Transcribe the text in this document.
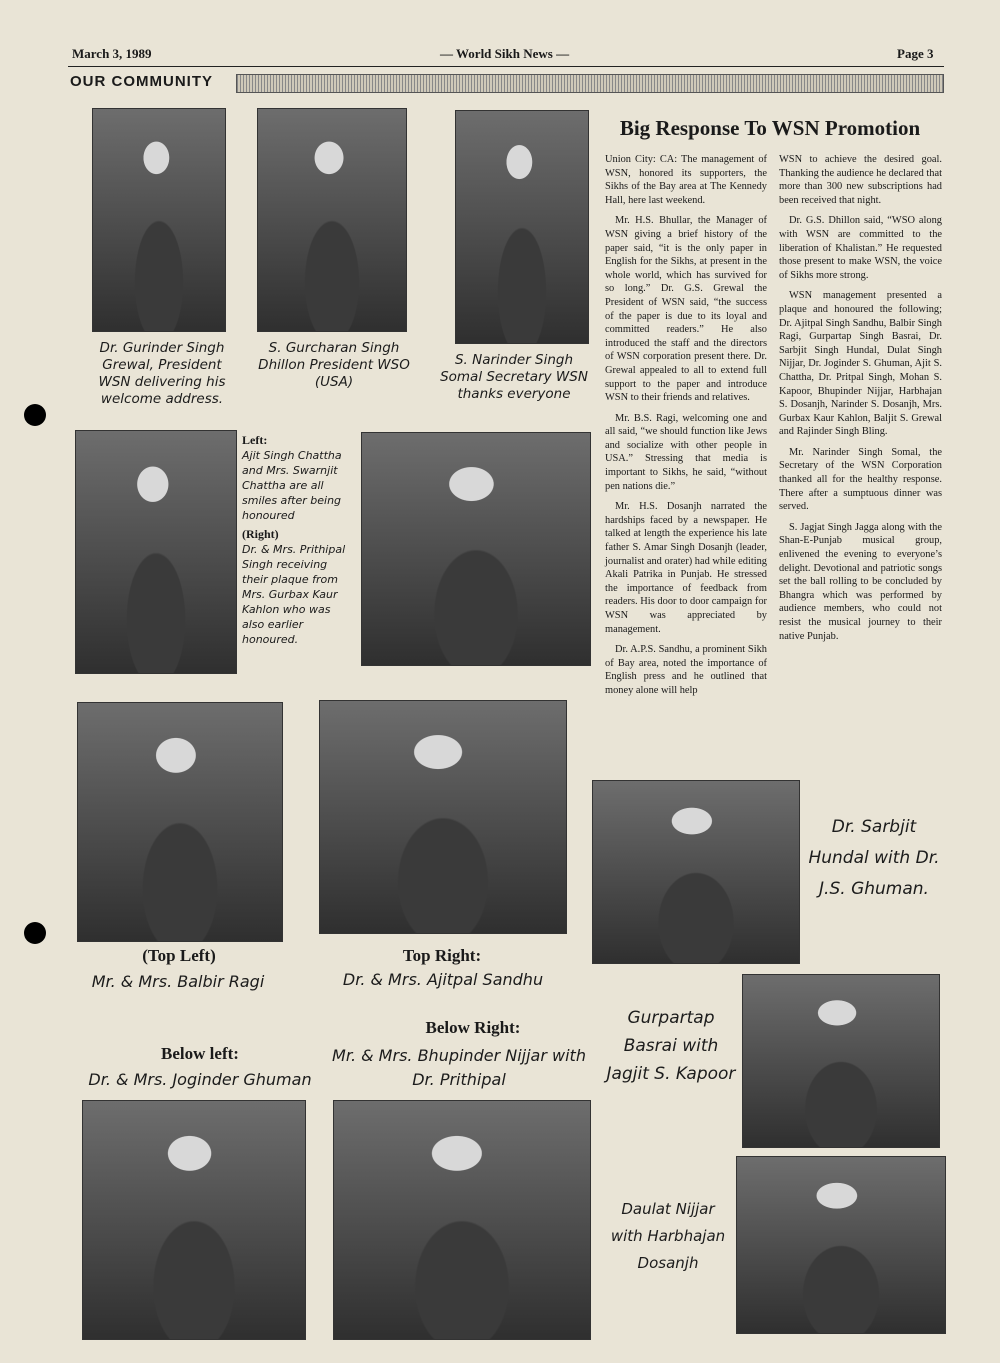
March 3, 1989	— World Sikh News —	Page 3
OUR COMMUNITY
Dr. Gurinder Singh Grewal, President WSN delivering his welcome address.
S. Gurcharan Singh Dhillon President WSO (USA)
S. Narinder Singh Somal Secretary WSN thanks everyone
Left:
Ajit Singh Chattha and Mrs. Swarnjit Chattha are all smiles after being honoured
(Right)
Dr. & Mrs. Prithipal Singh receiving their plaque from Mrs. Gurbax Kaur Kahlon who was also earlier honoured.
Big Response To WSN Promotion

Union City: CA: The management of WSN, honored its supporters, the Sikhs of the Bay area at The Kennedy Hall, here last weekend.

Mr. H.S. Bhullar, the Manager of WSN giving a brief history of the paper said, “it is the only paper in English for the Sikhs, at present in the whole world, which has survived for so long.” Dr. G.S. Grewal the President of WSN said, “the success of the paper is due to its loyal and committed readers.” He also introduced the staff and the directors of WSN corporation present there. Dr. Grewal appealed to all to extend full support to the paper and introduce WSN to their friends and relatives.

Mr. B.S. Ragi, welcoming one and all said, “we should function like Jews and socialize with other people in USA.” Stressing that media is important to Sikhs, he said, “without pen nations die.”

Mr. H.S. Dosanjh narrated the hardships faced by a newspaper. He talked at length the experience his late father S. Amar Singh Dosanjh (leader, journalist and orater) had while editing Akali Patrika in Punjab. He stressed the importance of feedback from readers. His door to door campaign for WSN was appreciated by management.

Dr. A.P.S. Sandhu, a prominent Sikh of Bay area, noted the importance of English press and he outlined that money alone will help

WSN to achieve the desired goal. Thanking the audience he declared that more than 300 new subscriptions had been received that night.

Dr. G.S. Dhillon said, “WSO along with WSN are committed to the liberation of Khalistan.” He requested those present to make WSN, the voice of Sikhs more strong.

WSN management presented a plaque and honoured the following; Dr. Ajitpal Singh Sandhu, Balbir Singh Ragi, Gurpartap Singh Basrai, Dr. Sarbjit Singh Hundal, Dulat Singh Nijjar, Dr. Joginder S. Ghuman, Ajit S. Chattha, Dr. Pritpal Singh, Mohan S. Kapoor, Bhupinder Nijjar, Harbhajan S. Dosanjh, Narinder S. Dosanjh, Mrs. Gurbax Kaur Kahlon, Baljit S. Grewal and Rajinder Singh Bling.

Mr. Narinder Singh Somal, the Secretary of the WSN Corporation thanked all for the healthy response. There after a sumptuous dinner was served.

S. Jagjat Singh Jagga along with the Shan-E-Punjab musical group, enlivened the evening to everyone’s delight. Devotional and patriotic songs set the ball rolling to be concluded by Bhangra which was performed by audience members, who could not resist the musical journey to their native Punjab.

(Top Left)
Mr. & Mrs. Balbir Ragi
Top Right:
Dr. & Mrs. Ajitpal Sandhu
Below left:
Dr. & Mrs. Joginder Ghuman
Below Right:
Mr. & Mrs. Bhupinder Nijjar with Dr. Prithipal
Dr. Sarbjit Hundal with Dr. J.S. Ghuman.
Gurpartap Basrai with Jagjit S. Kapoor
Daulat Nijjar with Harbhajan Dosanjh
